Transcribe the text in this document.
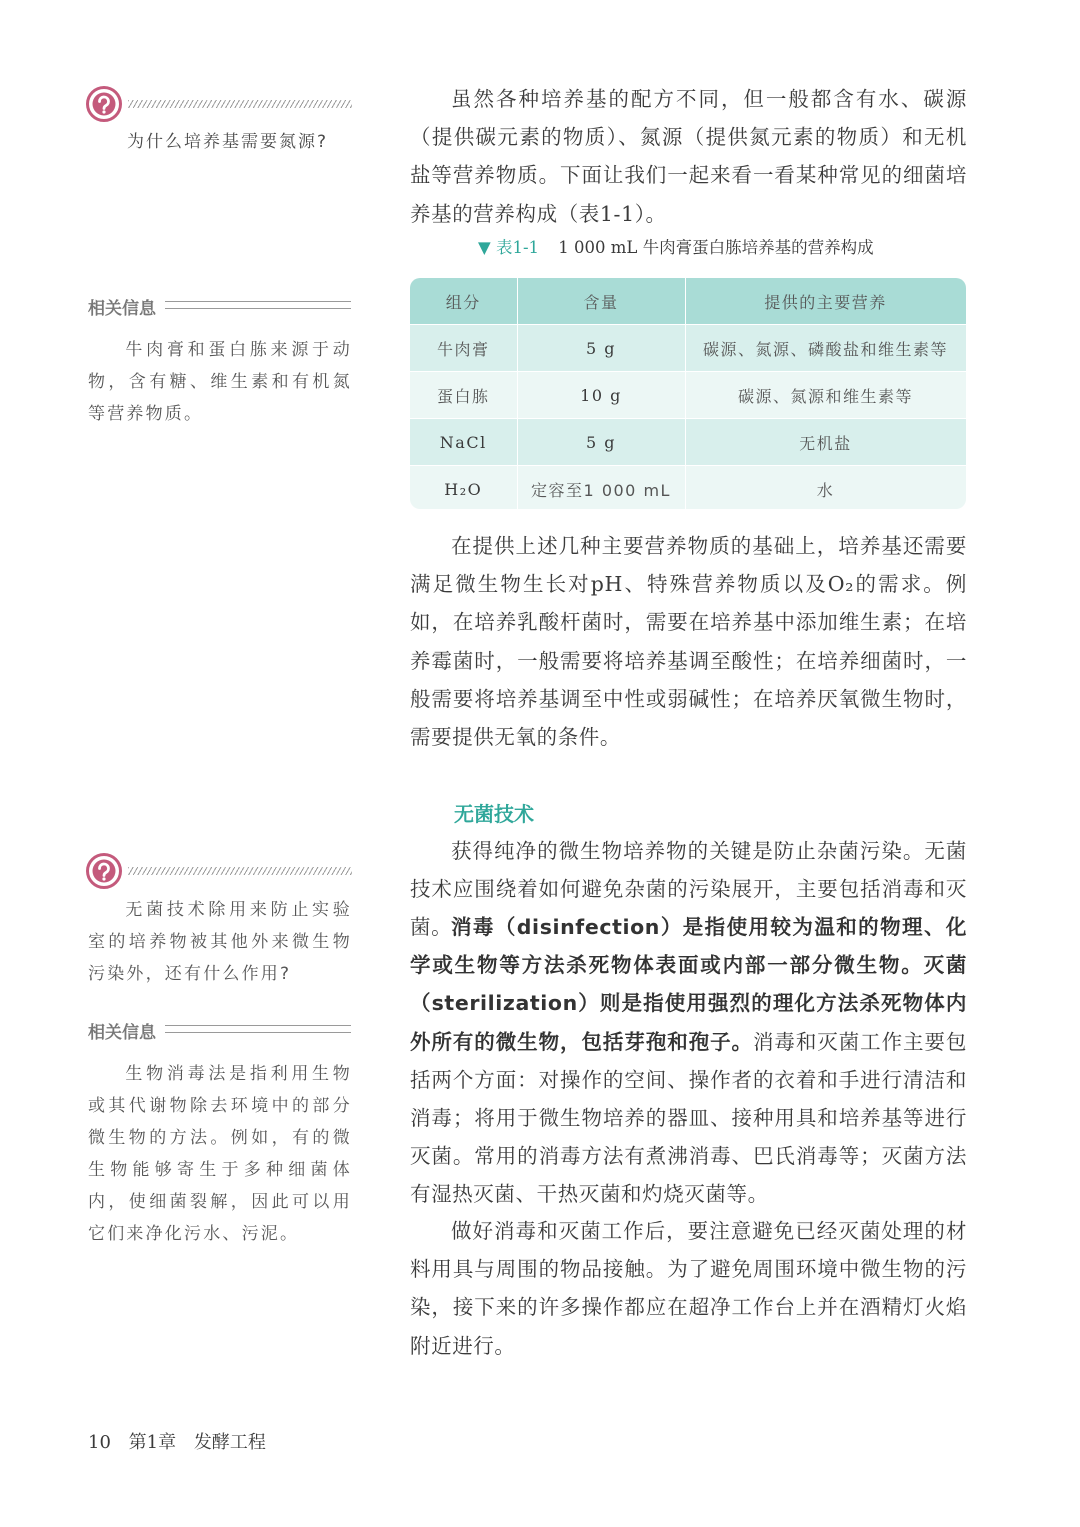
为什么培养基需要氮源?
相关信息
牛肉膏和蛋白胨来源于动物，含有糖、维生素和有机氮等营养物质。
无菌技术除用来防止实验室的培养物被其他外来微生物污染外，还有什么作用?
相关信息
生物消毒法是指利用生物或其代谢物除去环境中的部分微生物的方法。例如，有的微生物能够寄生于多种细菌体内，使细菌裂解，因此可以用它们来净化污水、污泥。

虽然各种培养基的配方不同，但一般都含有水、碳源（提供碳元素的物质）、氮源（提供氮元素的物质）和无机盐等营养物质。下面让我们一起来看一看某种常见的细菌培养基的营养构成（表1-1）。

▼ 表1-1 1 000 mL 牛肉膏蛋白胨培养基的营养构成
组分	含量	提供的主要营养
牛肉膏	5 g	碳源、氮源、磷酸盐和维生素等
蛋白胨	10 g	碳源、氮源和维生素等
NaCl	5 g	无机盐
H₂O	定容至1 000 mL	水

在提供上述几种主要营养物质的基础上，培养基还需要满足微生物生长对pH、特殊营养物质以及O₂的需求。例如，在培养乳酸杆菌时，需要在培养基中添加维生素；在培养霉菌时，一般需要将培养基调至酸性；在培养细菌时，一般需要将培养基调至中性或弱碱性；在培养厌氧微生物时，需要提供无氧的条件。

无菌技术

获得纯净的微生物培养物的关键是防止杂菌污染。无菌技术应围绕着如何避免杂菌的污染展开，主要包括消毒和灭菌。

消毒（disinfection）是指使用较为温和的物理、化学或生物等方法杀死物体表面或内部一部分微生物。灭菌（sterilization）则是指使用强烈的理化方法杀死物体内外所有的微生物，包括芽孢和孢子。消毒和灭菌工作主要包括两个方面：对操作的空间、操作者的衣着和手进行清洁和消毒；将用于微生物培养的器皿、接种用具和培养基等进行灭菌。常用的消毒方法有煮沸消毒、巴氏消毒等；灭菌方法有湿热灭菌、干热灭菌和灼烧灭菌等。

做好消毒和灭菌工作后，要注意避免已经灭菌处理的材料用具与周围的物品接触。为了避免周围环境中微生物的污染，接下来的许多操作都应在超净工作台上并在酒精灯火焰附近进行。

10 第1章 发酵工程
